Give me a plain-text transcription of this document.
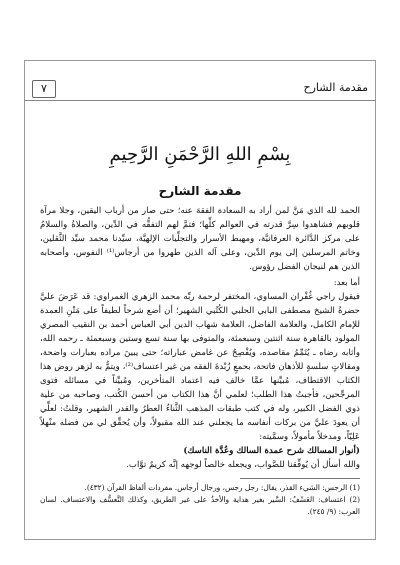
مقدمة الشارح
٧
بِسْمِ اللهِ الرَّحْمَنِ الرَّحِيمِ
مقدمة الشارح

الحمد لله الذي مَنَّ لمن أراد به السعادة الفقهَ عنه؛ حتى صار من أرباب اليقين، وجلا مرآة قلوبهم فشاهدوا سِرَّ قدرته في العوالم كلِّها؛ فتمَّ لهم التفقُّه في الدِّين، والصلاةُ والسلامُ على مركز الدَّائرة العرفانيَّة، ومهبط الأسرار والتجلِّيات الإلهيَّة، سيِّدنا محمد سيِّد الثَّقلين، وخاتم المرسلين إلى يوم الدِّين، وعلى آله الذين طهروا من أرجاس⁽¹⁾ النفوس، وأصحابه الذين هم لنيجان الفضل رؤوس.

أما بعد:

فيقول راجي غُفْران المساوي، المختفر لرحمة ربِّه محمد الزهري الغمراوي: قد عَرَضَ عليَّ حضرةُ الشيخ مصطفى البابي الحلبي الكُتُبي الشهير؛ أن أضع شرحاً لطيفاً على مَتْنِ العمدة للإمام الكامل، والعلامة الفاضل، العلامة شهاب الدين أبي العباس أحمد بن النقيب المصري المولود بالقاهرة سنة اثنتين وسبعمئة، والمتوفى بها سنة تسع وستين وسبعمئة ـ رحمه الله، وأثابه رضاه ـ يُتَمِّمُ مقاصده، ويُفْصِحُ عن غامض عباراته؛ حتى يبينَ مراده بعبارات واضحة، ومقالاتٍ سلسةٍ للأذهان فاتحة، بحمعٍ زُبْدةَ الفقه من غير اعتساف⁽²⁾، ويتمُّ به لزهر روض هذا الكتاب الاقتطاف، مُبيِّنها عمَّا خالف فيه اعتماد المتأخرين، ومُبيِّناً في مسائله فتوى المرجِّحين، فأجبتُ هذا الطلب؛ لعلمي أنَّ هذا الكتاب من أحسن الكُتب، وصاحبه من علية ذوي الفضل الكبير، وله في كتب طبقات المذهب الثَّناءُ العطرُ والقدر الشهير، وقلتُ: لعلِّي أن يعودَ عليَّ من بركات أنفاسه ما يجعلني عند الله مقبولاً، وأن يُحقِّق لي من فضله منْهلاً عَلِيّاً، ومدخلاً مأمولاً، وسمَّيته:

(أنوار المسالك شرح عمدة السالك وعُدَّة الناسك)

والله أسأل أن يُوفِّقنا للصَّواب، ويجعله خالصاً لوجهه إنَّه كريمٌ توَّاب.

(1) الرجس: الشيء القذر، يقال: رجل رجس، ورجال أرجاس. مفردات ألفاظ القرآن (٤٣٢).

(2) اعتساف: العَسْفُ: السَّير بغير هداية والأخذُ على غير الطريق، وكذلك التَّعسُّف والاعتساف. لسان العرب: (٩/ ٢٤٥).
